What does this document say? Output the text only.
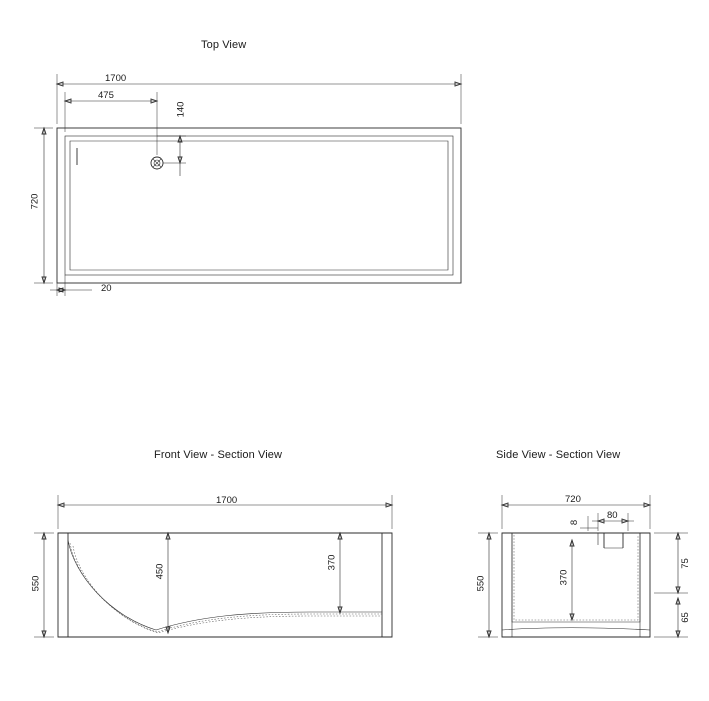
Top View
Front View - Section View	Side View - Section View
1700
475
140
720
20
1700
550
450
370
720
80
8
370
550
75
65
